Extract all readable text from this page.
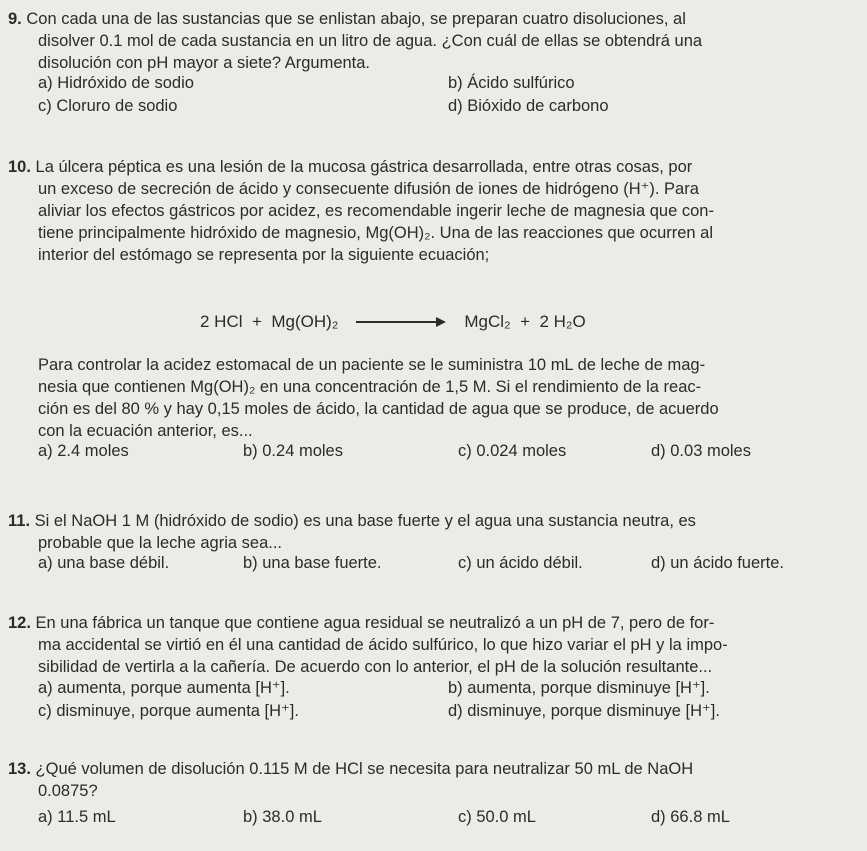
9. Con cada una de las sustancias que se enlistan abajo, se preparan cuatro disoluciones, al
disolver 0.1 mol de cada sustancia en un litro de agua. ¿Con cuál de ellas se obtendrá una
disolución con pH mayor a siete? Argumenta.
a) Hidróxido de sodio	b) Ácido sulfúrico
c) Cloruro de sodio	d) Bióxido de carbono
10. La úlcera péptica es una lesión de la mucosa gástrica desarrollada, entre otras cosas, por
un exceso de secreción de ácido y consecuente difusión de iones de hidrógeno (H⁺). Para
aliviar los efectos gástricos por acidez, es recomendable ingerir leche de magnesia que con-
tiene principalmente hidróxido de magnesio, Mg(OH)₂. Una de las reacciones que ocurren al
interior del estómago se representa por la siguiente ecuación;
2 HCl  +  Mg(OH)₂	MgCl₂  +  2 H₂O
Para controlar la acidez estomacal de un paciente se le suministra 10 mL de leche de mag-
nesia que contienen Mg(OH)₂ en una concentración de 1,5 M. Si el rendimiento de la reac-
ción es del 80 % y hay 0,15 moles de ácido, la cantidad de agua que se produce, de acuerdo
con la ecuación anterior, es...
a) 2.4 moles	b) 0.24 moles	c) 0.024 moles	d) 0.03 moles
11. Si el NaOH 1 M (hidróxido de sodio) es una base fuerte y el agua una sustancia neutra, es
probable que la leche agria sea...
a) una base débil.	b) una base fuerte.	c) un ácido débil.	d) un ácido fuerte.
12. En una fábrica un tanque que contiene agua residual se neutralizó a un pH de 7, pero de for-
ma accidental se virtió en él una cantidad de ácido sulfúrico, lo que hizo variar el pH y la impo-
sibilidad de vertirla a la cañería. De acuerdo con lo anterior, el pH de la solución resultante...
a) aumenta, porque aumenta [H⁺].	b) aumenta, porque disminuye [H⁺].
c) disminuye, porque aumenta [H⁺].	d) disminuye, porque disminuye [H⁺].
13. ¿Qué volumen de disolución 0.115 M de HCl se necesita para neutralizar 50 mL de NaOH
0.0875?
a) 11.5 mL	b) 38.0 mL	c) 50.0 mL	d) 66.8 mL
